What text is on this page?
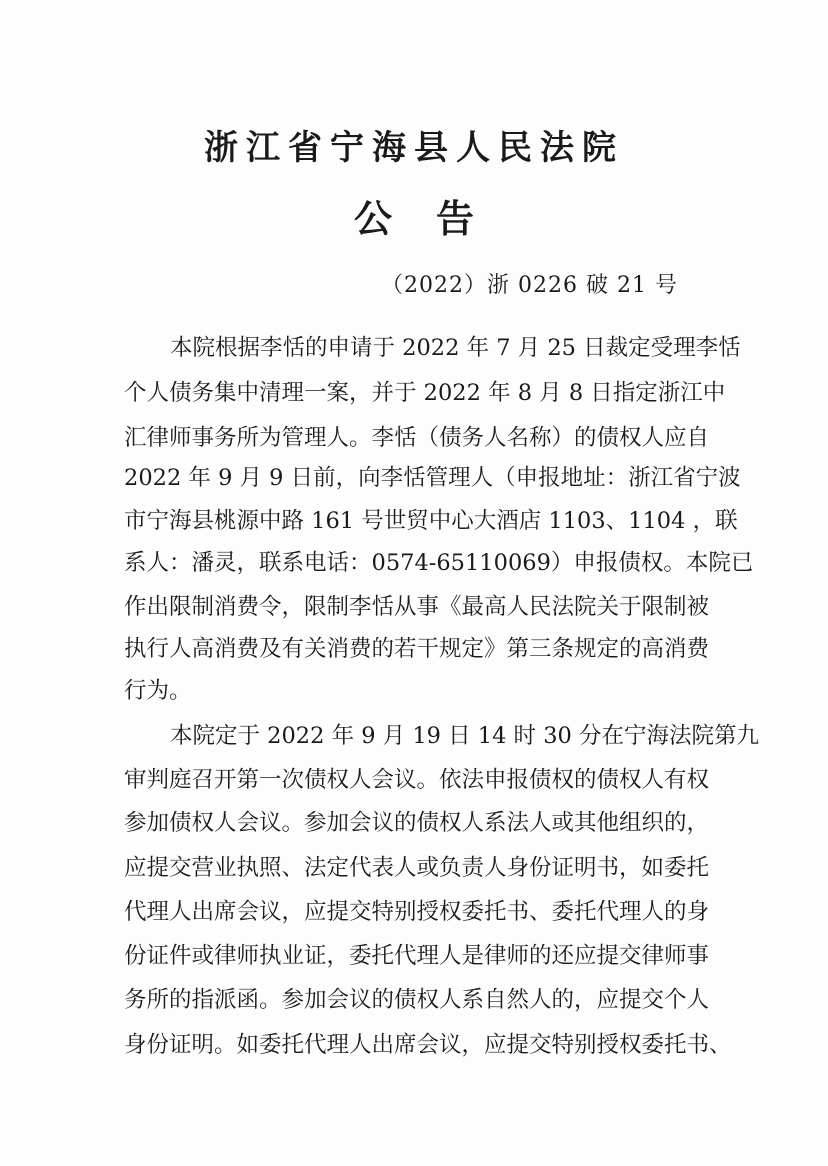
浙江省宁海县人民法院
公告

（2022）浙 0226 破 21 号

本院根据李恬的申请于 2022 年 7 月 25 日裁定受理李恬
个人债务集中清理一案，并于 2022 年 8 月 8 日指定浙江中
汇律师事务所为管理人。李恬（债务人名称）的债权人应自
2022 年 9 月 9 日前，向李恬管理人（申报地址：浙江省宁波
市宁海县桃源中路 161 号世贸中心大酒店 1103、1104 ，联
系人：潘灵，联系电话：0574-65110069）申报债权。本院已
作出限制消费令，限制李恬从事《最高人民法院关于限制被
执行人高消费及有关消费的若干规定》第三条规定的高消费
行为。
本院定于 2022 年 9 月 19 日 14 时 30 分在宁海法院第九
审判庭召开第一次债权人会议。依法申报债权的债权人有权
参加债权人会议。参加会议的债权人系法人或其他组织的，
应提交营业执照、法定代表人或负责人身份证明书，如委托
代理人出席会议，应提交特别授权委托书、委托代理人的身
份证件或律师执业证，委托代理人是律师的还应提交律师事
务所的指派函。参加会议的债权人系自然人的，应提交个人
身份证明。如委托代理人出席会议，应提交特别授权委托书、
